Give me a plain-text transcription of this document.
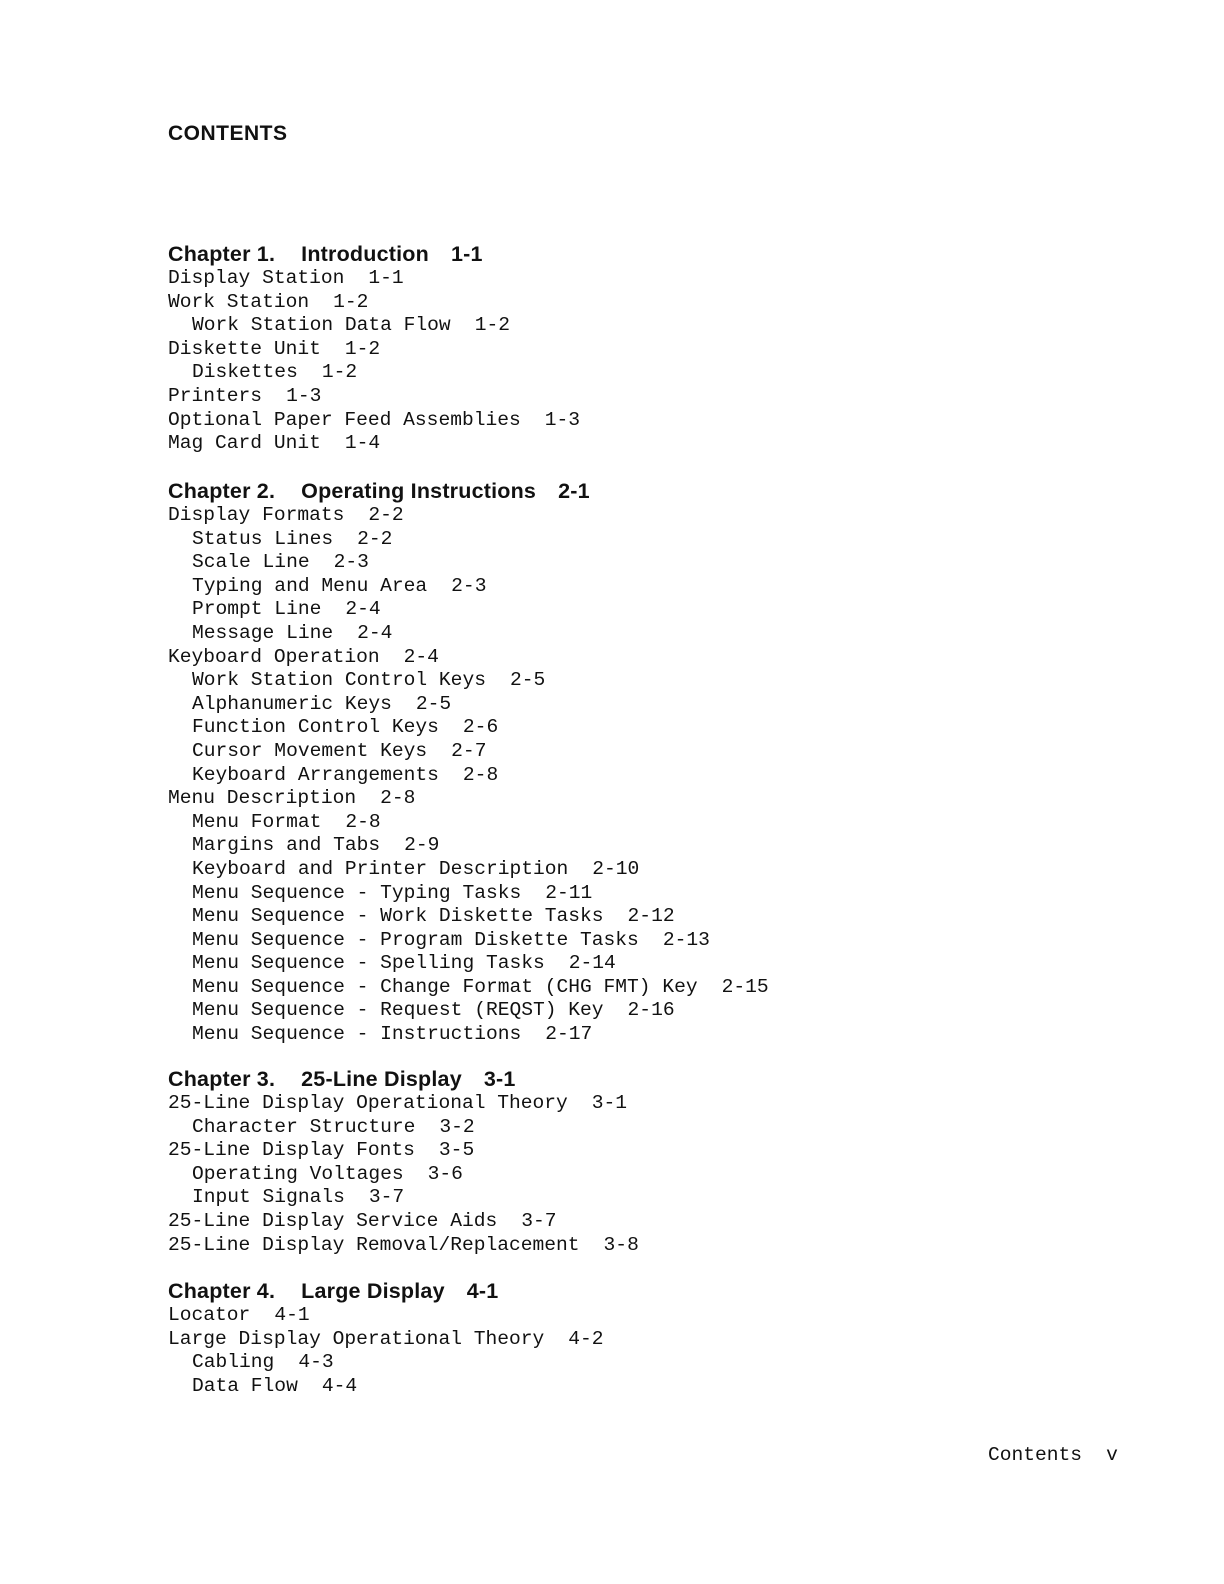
CONTENTS
Chapter 1. Introduction 1-1
Display Station 1-1
Work Station 1-2
Work Station Data Flow 1-2
Diskette Unit 1-2
Diskettes 1-2
Printers 1-3
Optional Paper Feed Assemblies 1-3
Mag Card Unit 1-4
Chapter 2. Operating Instructions 2-1
Display Formats 2-2
Status Lines 2-2
Scale Line 2-3
Typing and Menu Area 2-3
Prompt Line 2-4
Message Line 2-4
Keyboard Operation 2-4
Work Station Control Keys 2-5
Alphanumeric Keys 2-5
Function Control Keys 2-6
Cursor Movement Keys 2-7
Keyboard Arrangements 2-8
Menu Description 2-8
Menu Format 2-8
Margins and Tabs 2-9
Keyboard and Printer Description 2-10
Menu Sequence - Typing Tasks 2-11
Menu Sequence - Work Diskette Tasks 2-12
Menu Sequence - Program Diskette Tasks 2-13
Menu Sequence - Spelling Tasks 2-14
Menu Sequence - Change Format (CHG FMT) Key 2-15
Menu Sequence - Request (REQST) Key 2-16
Menu Sequence - Instructions 2-17
Chapter 3. 25-Line Display 3-1
25-Line Display Operational Theory 3-1
Character Structure 3-2
25-Line Display Fonts 3-5
Operating Voltages 3-6
Input Signals 3-7
25-Line Display Service Aids 3-7
25-Line Display Removal/Replacement 3-8
Chapter 4. Large Display 4-1
Locator 4-1
Large Display Operational Theory 4-2
Cabling 4-3
Data Flow 4-4
Contents v
